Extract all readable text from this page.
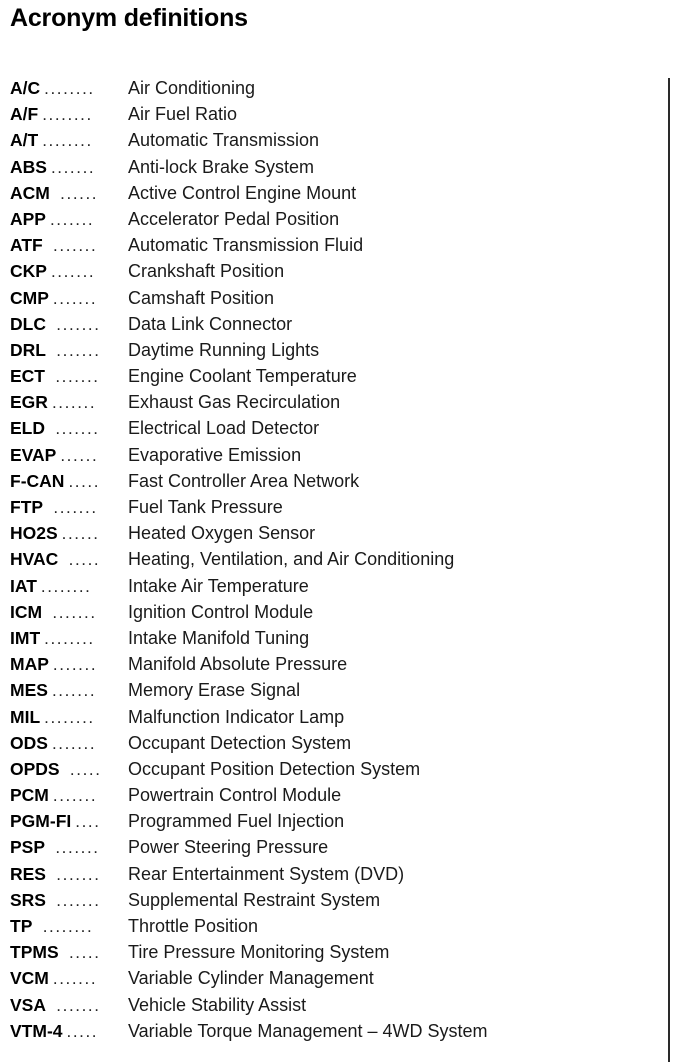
Acronym definitions
A/C ........ Air Conditioning
A/F ........ Air Fuel Ratio
A/T ........ Automatic Transmission
ABS ....... Anti-lock Brake System
ACM ...... Active Control Engine Mount
APP ....... Accelerator Pedal Position
ATF ....... Automatic Transmission Fluid
CKP ....... Crankshaft Position
CMP ....... Camshaft Position
DLC ....... Data Link Connector
DRL ....... Daytime Running Lights
ECT ....... Engine Coolant Temperature
EGR ....... Exhaust Gas Recirculation
ELD ....... Electrical Load Detector
EVAP ...... Evaporative Emission
F-CAN ..... Fast Controller Area Network
FTP ....... Fuel Tank Pressure
HO2S ...... Heated Oxygen Sensor
HVAC ..... Heating, Ventilation, and Air Conditioning
IAT ........ Intake Air Temperature
ICM ....... Ignition Control Module
IMT ........ Intake Manifold Tuning
MAP ....... Manifold Absolute Pressure
MES ....... Memory Erase Signal
MIL ........ Malfunction Indicator Lamp
ODS ....... Occupant Detection System
OPDS ..... Occupant Position Detection System
PCM ....... Powertrain Control Module
PGM-FI .... Programmed Fuel Injection
PSP ....... Power Steering Pressure
RES ....... Rear Entertainment System (DVD)
SRS ....... Supplemental Restraint System
TP ........ Throttle Position
TPMS ..... Tire Pressure Monitoring System
VCM ....... Variable Cylinder Management
VSA ....... Vehicle Stability Assist
VTM-4 ..... Variable Torque Management – 4WD System
